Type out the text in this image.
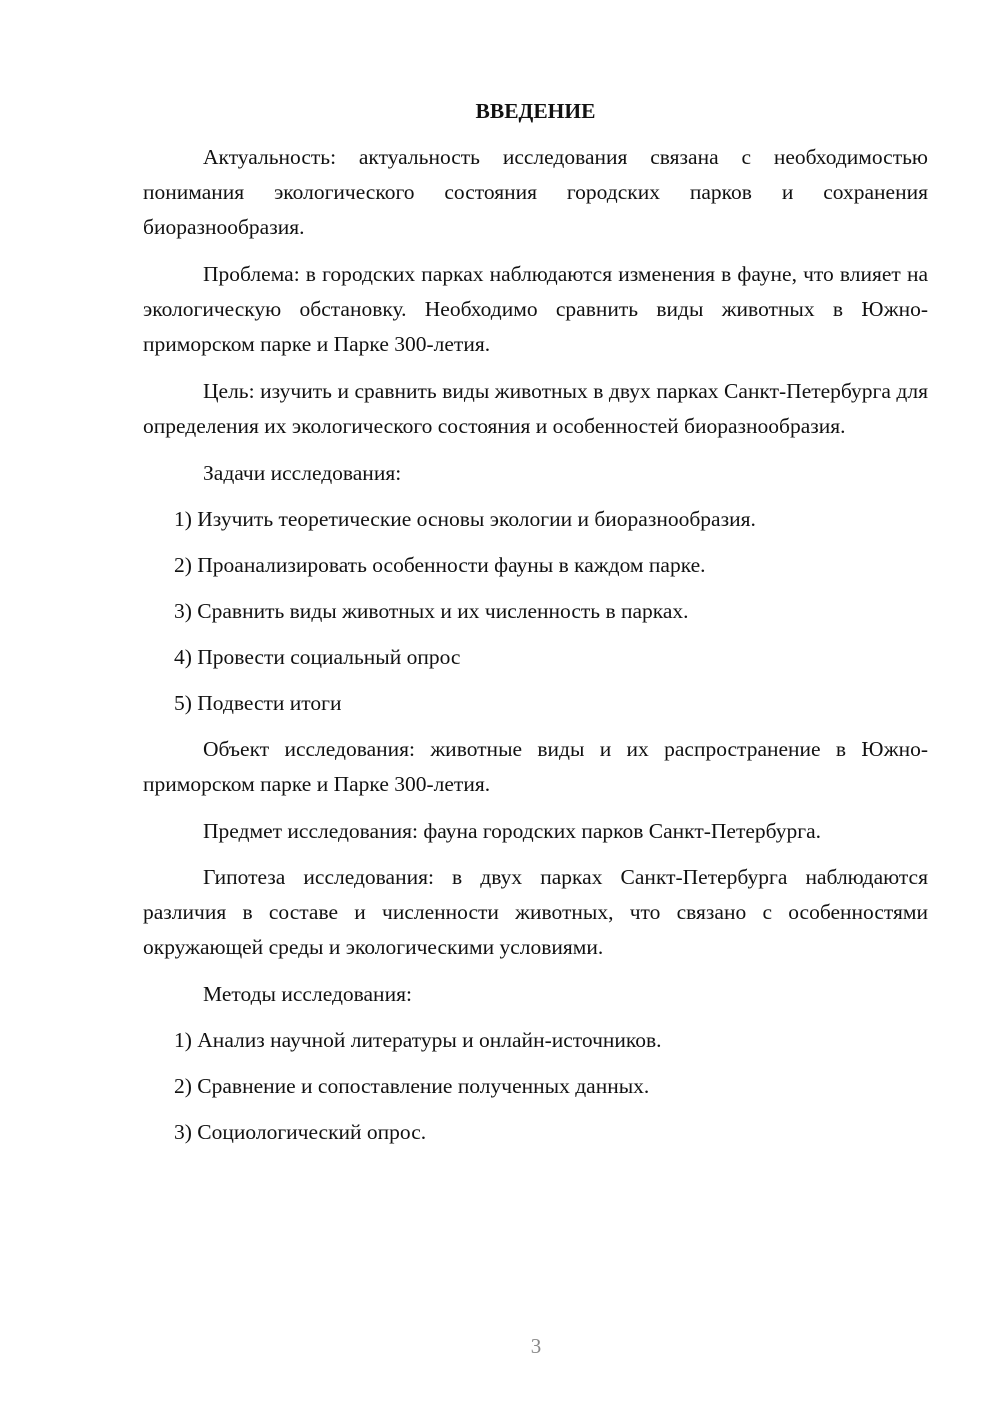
ВВЕДЕНИЕ

Актуальность: актуальность исследования связана с необходимостью понимания экологического состояния городских парков и сохранения биоразнообразия.

Проблема: в городских парках наблюдаются изменения в фауне, что влияет на экологическую обстановку. Необходимо сравнить виды животных в Южно-приморском парке и Парке 300-летия.

Цель: изучить и сравнить виды животных в двух парках Санкт-Петербурга для определения их экологического состояния и особенностей биоразнообразия.

Задачи исследования:
1) Изучить теоретические основы экологии и биоразнообразия.
2) Проанализировать особенности фауны в каждом парке.
3) Сравнить виды животных и их численность в парках.
4) Провести социальный опрос
5) Подвести итоги

Объект исследования: животные виды и их распространение в Южно-приморском парке и Парке 300-летия.

Предмет исследования: фауна городских парков Санкт-Петербурга.

Гипотеза исследования: в двух парках Санкт-Петербурга наблюдаются различия в составе и численности животных, что связано с особенностями окружающей среды и экологическими условиями.

Методы исследования:
1) Анализ научной литературы и онлайн-источников.
2) Сравнение и сопоставление полученных данных.
3) Социологический опрос.
3
